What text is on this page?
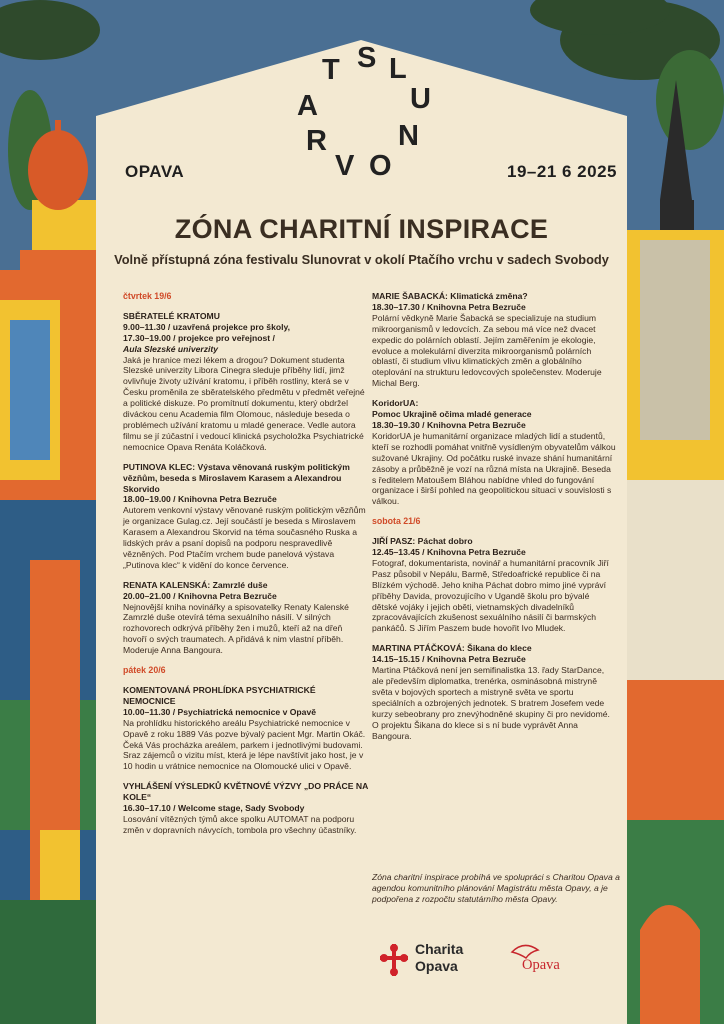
S L
T
U
A
N
R
V O
OPAVA	19–21 6 2025
ZÓNA CHARITNÍ INSPIRACE
Volně přístupná zóna festivalu Slunovrat v okolí Ptačího vrchu v sadech Svobody
čtvrtek 19/6
SBĚRATELÉ KRATOMU
9.00–11.30 / uzavřená projekce pro školy,
17.30–19.00 / projekce pro veřejnost /
Aula Slezské univerzity
Jaká je hranice mezi lékem a drogou? Dokument studenta Slezské univerzity Libora Cinegra sleduje příběhy lidí, jimž ovlivňuje životy užívání kratomu, i příběh rostliny, která se v Česku proměnila ze sběratelského předmětu v předmět veřejné a politické diskuze. Po promítnutí dokumentu, který obdržel diváckou cenu Academia film Olomouc, následuje beseda o problémech užívání kratomu u mladé generace. Vedle autora filmu se jí zúčastní i vedoucí klinická psycholožka Psychiatrické nemocnice Opava Renáta Koláčková.
PUTINOVA KLEC: Výstava věnovaná ruským politickým vězňům, beseda s Miroslavem Karasem a Alexandrou Skorvido
18.00–19.00 / Knihovna Petra Bezruče
Autorem venkovní výstavy věnované ruským politickým vězňům je organizace Gulag.cz. Její součástí je beseda s Miroslavem Karasem a Alexandrou Skorvid na téma současného Ruska a lidských práv a psaní dopisů na podporu nespravedlivě vězněných. Pod Ptačím vrchem bude panelová výstava „Putinova klec“ k vidění do konce července.
RENATA KALENSKÁ: Zamrzlé duše
20.00–21.00 / Knihovna Petra Bezruče
Nejnovější kniha novinářky a spisovatelky Renaty Kalenské Zamrzlé duše otevírá téma sexuálního násilí. V silných rozhovorech odkrývá příběhy žen i mužů, kteří až na dřeň hovoří o svých traumatech. A přidává k nim vlastní příběh. Moderuje Anna Bangoura.
pátek 20/6
KOMENTOVANÁ PROHLÍDKA PSYCHIATRICKÉ NEMOCNICE
10.00–11.30 / Psychiatrická nemocnice v Opavě
Na prohlídku historického areálu Psychiatrické nemocnice v Opavě z roku 1889 Vás pozve bývalý pacient Mgr. Martin Okáč. Čeká Vás procházka areálem, parkem i jednotlivými budovami. Sraz zájemců o vizitu míst, která je lépe navštívit jako host, je v 10 hodin u vrátnice nemocnice na Olomoucké ulici v Opavě.
VYHLÁŠENÍ VÝSLEDKŮ KVĚTNOVÉ VÝZVY „DO PRÁCE NA KOLE“
16.30–17.10 / Welcome stage, Sady Svobody
Losování vítězných týmů akce spolku AUTOMAT na podporu změn v dopravních návycích, tombola pro všechny účastníky.
MARIE ŠABACKÁ: Klimatická změna?
18.30–17.30 / Knihovna Petra Bezruče
Polární vědkyně Marie Šabacká se specializuje na studium mikroorganismů v ledovcích. Za sebou má více než dvacet expedic do polárních oblastí. Jejím zaměřením je ekologie, evoluce a molekulární diverzita mikroorganismů polárních oblastí, či studium vlivu klimatických změn a globálního oteplování na strukturu ledovcových společenstev. Moderuje Michal Berg.
KoridorUA:
Pomoc Ukrajině očima mladé generace
18.30–19.30 / Knihovna Petra Bezruče
KoridorUA je humanitární organizace mladých lidí a studentů, kteří se rozhodli pomáhat vnitřně vysídleným obyvatelům válkou sužované Ukrajiny. Od počátku ruské invaze shání humanitární zásoby a průběžně je vozí na různá místa na Ukrajině. Beseda s ředitelem Matoušem Bláhou nabídne vhled do fungování organizace i širší pohled na geopolitickou situaci v souvislosti s válkou.
sobota 21/6
JIŘÍ PASZ: Páchat dobro
12.45–13.45 / Knihovna Petra Bezruče
Fotograf, dokumentarista, novinář a humanitární pracovník Jiří Pasz působil v Nepálu, Barmě, Středoafrické republice či na Blízkém východě. Jeho kniha Páchat dobro mimo jiné vypráví příběhy Davida, provozujícího v Ugandě školu pro bývalé dětské vojáky i jejich oběti, vietnamských divadelníků zpracovávajících zkušenost sexuálního násilí či barmských pankáčů. S Jiřím Paszem bude hovořit Ivo Mludek.
MARTINA PTÁČKOVÁ: Šikana do klece
14.15–15.15 / Knihovna Petra Bezruče
Martina Ptáčková není jen semifinalistka 13. řady StarDance, ale především diplomatka, trenérka, osminásobná mistryně světa v bojových sportech a mistryně světa ve sportu speciálních a ozbrojených jednotek. S bratrem Josefem vede kurzy sebeobrany pro znevýhodněné skupiny či pro nevidomé. O projektu Šikana do klece si s ní bude vyprávět Anna Bangoura.
Zóna charitní inspirace probíhá ve spolupráci s Charitou Opava a agendou komunitního plánování Magistrátu města Opavy, a je podpořena z rozpočtu statutárního města Opavy.
Charita
Opava	Opava
